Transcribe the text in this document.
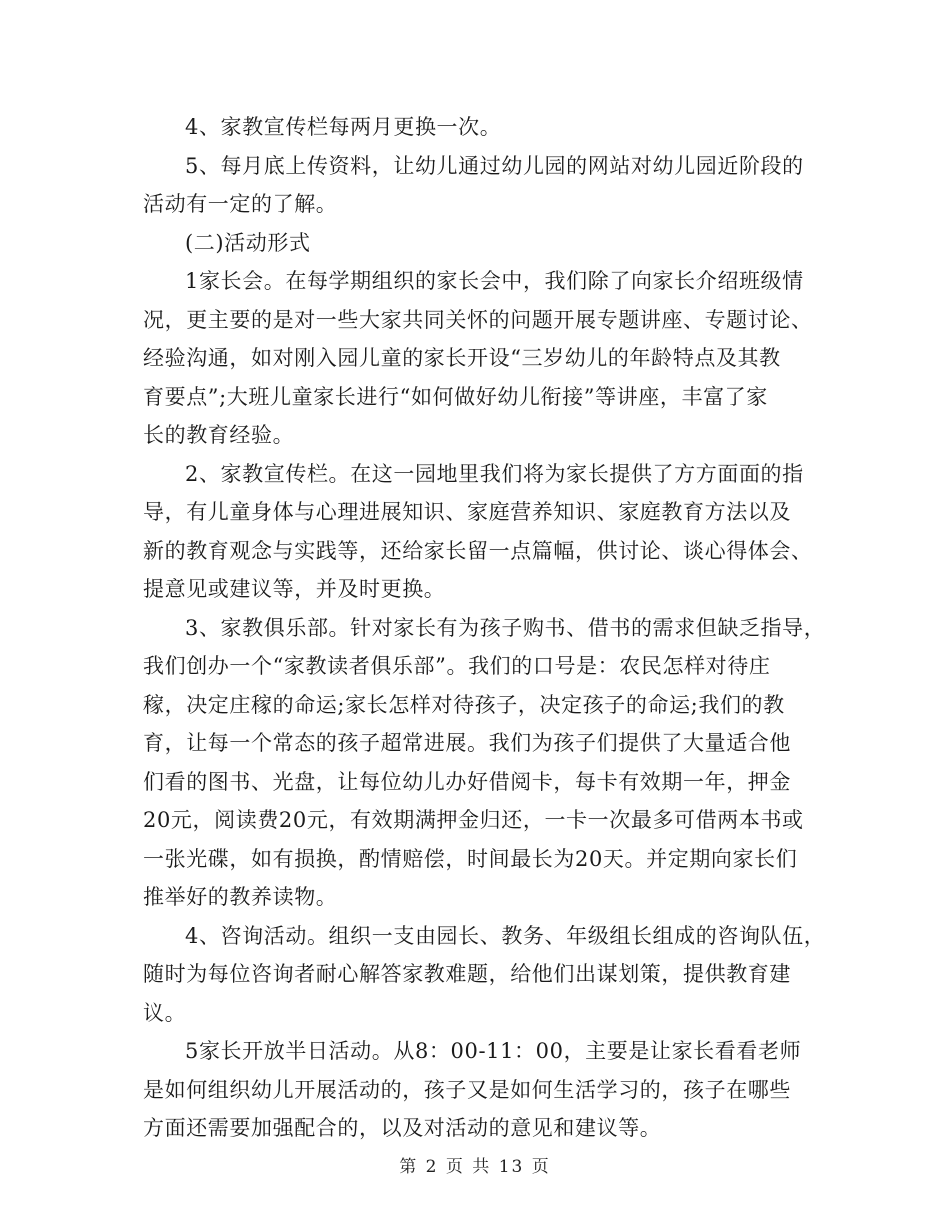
4、家教宣传栏每两月更换一次。
5、每月底上传资料，让幼儿通过幼儿园的网站对幼儿园近阶段的
活动有一定的了解。
(二)活动形式
1家长会。在每学期组织的家长会中，我们除了向家长介绍班级情
况，更主要的是对一些大家共同关怀的问题开展专题讲座、专题讨论、
经验沟通，如对刚入园儿童的家长开设“三岁幼儿的年龄特点及其教
育要点”;大班儿童家长进行“如何做好幼儿衔接”等讲座，丰富了家
长的教育经验。
2、家教宣传栏。在这一园地里我们将为家长提供了方方面面的指
导，有儿童身体与心理进展知识、家庭营养知识、家庭教育方法以及
新的教育观念与实践等，还给家长留一点篇幅，供讨论、谈心得体会、
提意见或建议等，并及时更换。
3、家教俱乐部。针对家长有为孩子购书、借书的需求但缺乏指导，
我们创办一个“家教读者俱乐部”。我们的口号是：农民怎样对待庄
稼，决定庄稼的命运;家长怎样对待孩子，决定孩子的命运;我们的教
育，让每一个常态的孩子超常进展。我们为孩子们提供了大量适合他
们看的图书、光盘，让每位幼儿办好借阅卡，每卡有效期一年，押金
20元，阅读费20元，有效期满押金归还，一卡一次最多可借两本书或
一张光碟，如有损换，酌情赔偿，时间最长为20天。并定期向家长们
推举好的教养读物。
4、咨询活动。组织一支由园长、教务、年级组长组成的咨询队伍，
随时为每位咨询者耐心解答家教难题，给他们出谋划策，提供教育建
议。
5家长开放半日活动。从8：00-11：00，主要是让家长看看老师
是如何组织幼儿开展活动的，孩子又是如何生活学习的，孩子在哪些
方面还需要加强配合的，以及对活动的意见和建议等。
第 2 页 共 13 页
